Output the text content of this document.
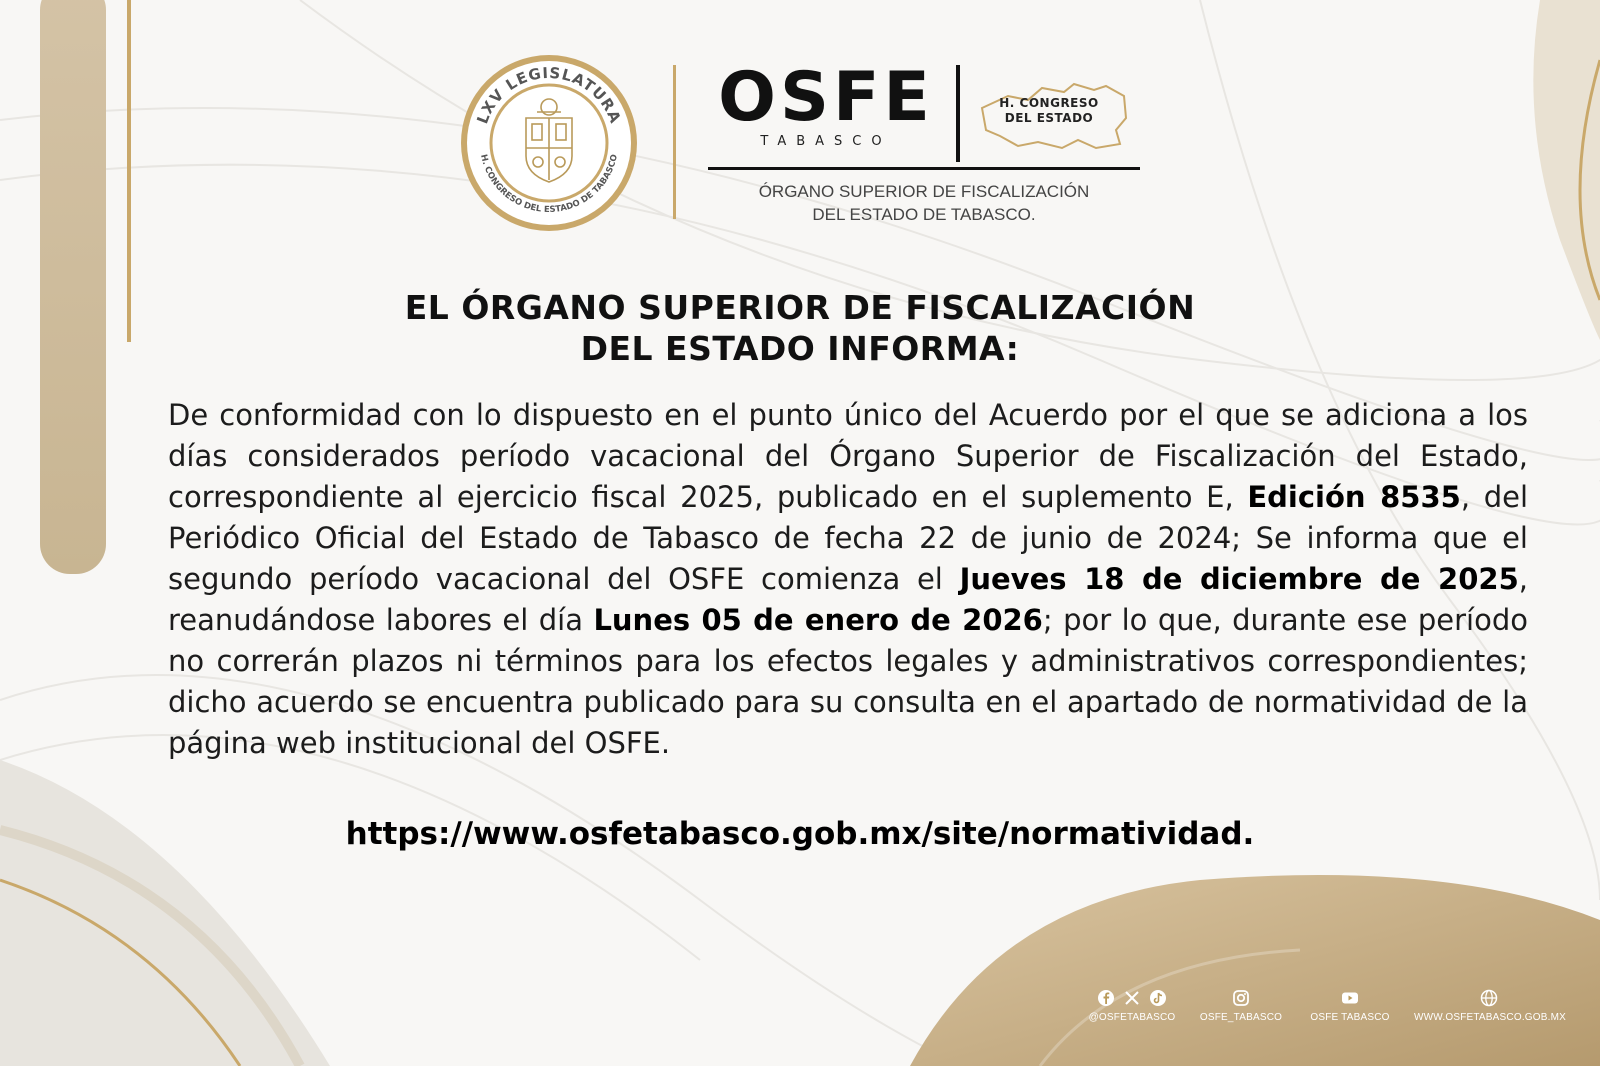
LXV LEGISLATURA
H. CONGRESO DEL ESTADO DE TABASCO
OSFE
TABASCO
H. CONGRESO
DEL ESTADO
ÓRGANO SUPERIOR DE FISCALIZACIÓN
DEL ESTADO DE TABASCO.
EL ÓRGANO SUPERIOR DE FISCALIZACIÓN
DEL ESTADO INFORMA:
De conformidad con lo dispuesto en el punto único del Acuerdo por el que se adiciona a los días considerados período vacacional del Órgano Superior de Fiscalización del Estado, correspondiente al ejercicio fiscal 2025, publicado en el suplemento E, Edición 8535, del Periódico Oficial del Estado de Tabasco de fecha 22 de junio de 2024; Se informa que el segundo período vacacional del OSFE comienza el Jueves 18 de diciembre de 2025, reanudándose labores el día Lunes 05 de enero de 2026; por lo que, durante ese período no correrán plazos ni términos para los efectos legales y administrativos correspondientes; dicho acuerdo se encuentra publicado para su consulta en el apartado de normatividad de la página web institucional del OSFE.
https://www.osfetabasco.gob.mx/site/normatividad.
@OSFETABASCO	OSFE_TABASCO	OSFE TABASCO	WWW.OSFETABASCO.GOB.MX
